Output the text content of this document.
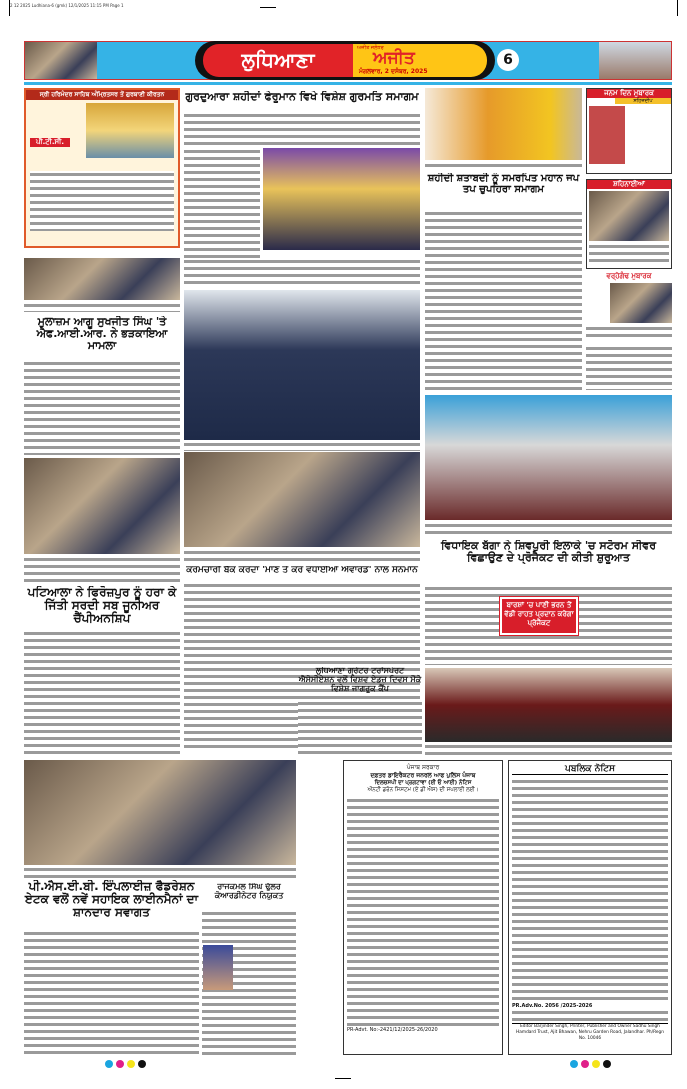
2 12 2025 Ludhiana-6 (gmk) 12/1/2025 11:15 PM Page 1
ਲੁਧਿਆਣਾ	ਅਜੀਤ ਜਲੰਧਰ
ਅਜੀਤ
ਮੰਗਲਵਾਰ, 2 ਦਸੰਬਰ, 2025
6
ਸ੍ਰੀ ਹਰਿਮੰਦਰ ਸਾਹਿਬ ਅੰਮ੍ਰਿਤਸਰ ਤੋਂ ਗੁਰਬਾਣੀ ਕੀਰਤਨ
ਪੀ.ਟੀ.ਸੀ.
ਮੁਲਾਜ਼ਮ ਆਗੂ ਸੁਖਜੀਤ ਸਿੰਘ 'ਤੇ ਐਫ.ਆਈ.ਆਰ. ਨੇ ਭੜਕਾਇਆ ਮਾਮਲਾ
ਪਟਿਆਲਾ ਨੇ ਫਿਰੋਜ਼ਪੁਰ ਨੂੰ ਹਰਾ ਕੇ ਜਿੱਤੀ ਸਰਦੀ ਸਬ ਜੂਨੀਅਰ ਚੈਂਪੀਅਨਸ਼ਿਪ
ਗੁਰਦੁਆਰਾ ਸ਼ਹੀਦਾਂ ਫੇਰੂਮਾਨ ਵਿਖੇ ਵਿਸ਼ੇਸ਼ ਗੁਰਮਤਿ ਸਮਾਗਮ
ਕਰਮਚਾਰੀ ਬੈਂਕ ਕਰਦਾ 'ਮਾਣ ਤੇ ਕਰ ਵਧਾਈਆਂ ਐਵਾਰਡ' ਨਾਲ ਸਨਮਾਨ
ਸ਼ਹੀਦੀ ਸ਼ਤਾਬਦੀ ਨੂੰ ਸਮਰਪਿਤ ਮਹਾਨ ਜਪ ਤਪ ਚੁਪਹਿਰਾ ਸਮਾਗਮ
ਜਨਮ ਦਿਨ ਮੁਬਾਰਕ
ਸਹਿਜਦੀਪ
ਸ਼ਹਿਨਾਈਆਂ
ਵਰ੍ਹੇਗੰਢ ਮੁਬਾਰਕ
ਵਿਧਾਇਕ ਬੱਗਾ ਨੇ ਸ਼ਿਵਪੁਰੀ ਇਲਾਕੇ 'ਚ ਸਟੋਰਮ ਸੀਵਰ ਵਿਛਾਉਣ ਦੇ ਪ੍ਰੋਜੈਕਟ ਦੀ ਕੀਤੀ ਸ਼ੁਰੂਆਤ
ਬਾਰਸ਼ਾਂ 'ਚ ਪਾਣੀ ਭਰਨ ਤੋਂ ਵੱਡੀ ਰਾਹਤ ਪ੍ਰਦਾਨ ਕਰੇਗਾ ਪ੍ਰੋਜੈਕਟ
ਲੁਧਿਆਣਾ ਗ੍ਰੇਟਰ ਟਰਾਂਸਪੋਰਟ ਐਸੋਸੀਏਸ਼ਨ ਵਲੋਂ ਵਿਸ਼ਵ ਏਡਜ਼ ਦਿਵਸ ਮੌਕੇ ਵਿਸ਼ੇਸ਼ ਜਾਗਰੂਕ ਕੈਂਪ
ਪੀ.ਐਸ.ਈ.ਬੀ. ਇੰਪਲਾਈਜ਼ ਫੈਡਰੇਸ਼ਨ ਏਟਕ ਵਲੋਂ ਨਵੇਂ ਸਹਾਇਕ ਲਾਈਨਮੈਨਾਂ ਦਾ ਸ਼ਾਨਦਾਰ ਸਵਾਗਤ
ਰਾਜਕਮਲ ਸਿੰਘ ਢੁੱਲਰ ਕੋਆਰਡੀਨੇਟਰ ਨਿਯੁਕਤ
ਪੰਜਾਬ ਸਰਕਾਰ
ਦਫ਼ਤਰ ਡਾਇਰੈਕਟਰ ਜਨਰਲ ਆਫ ਪੁਲਿਸ ਪੰਜਾਬ
ਦਿਲਚਸਪੀ ਦਾ ਪ੍ਰਗਟਾਵਾ (ਈ ਓ ਆਈ) ਨੋਟਿਸ
ਔਨਟੀ ਡਰੋਨ ਸਿਸਟਮ (ਏ ਡੀ ਐਸ) ਦੀ ਸਪਲਾਈ ਲਈ।
PR-Advt. No:-2421/12/2025-26/2020
ਪਬਲਿਕ ਨੋਟਿਸ
PR.Adv.No. 2056 /2025-2026
Editor Barjinder Singh, Printer, Publisher and Owner Sadhu Singh Hamdard Trust, Ajit Bhawan, Nehru Garden Road, Jalandhar. Ph/Regn No. 10046
